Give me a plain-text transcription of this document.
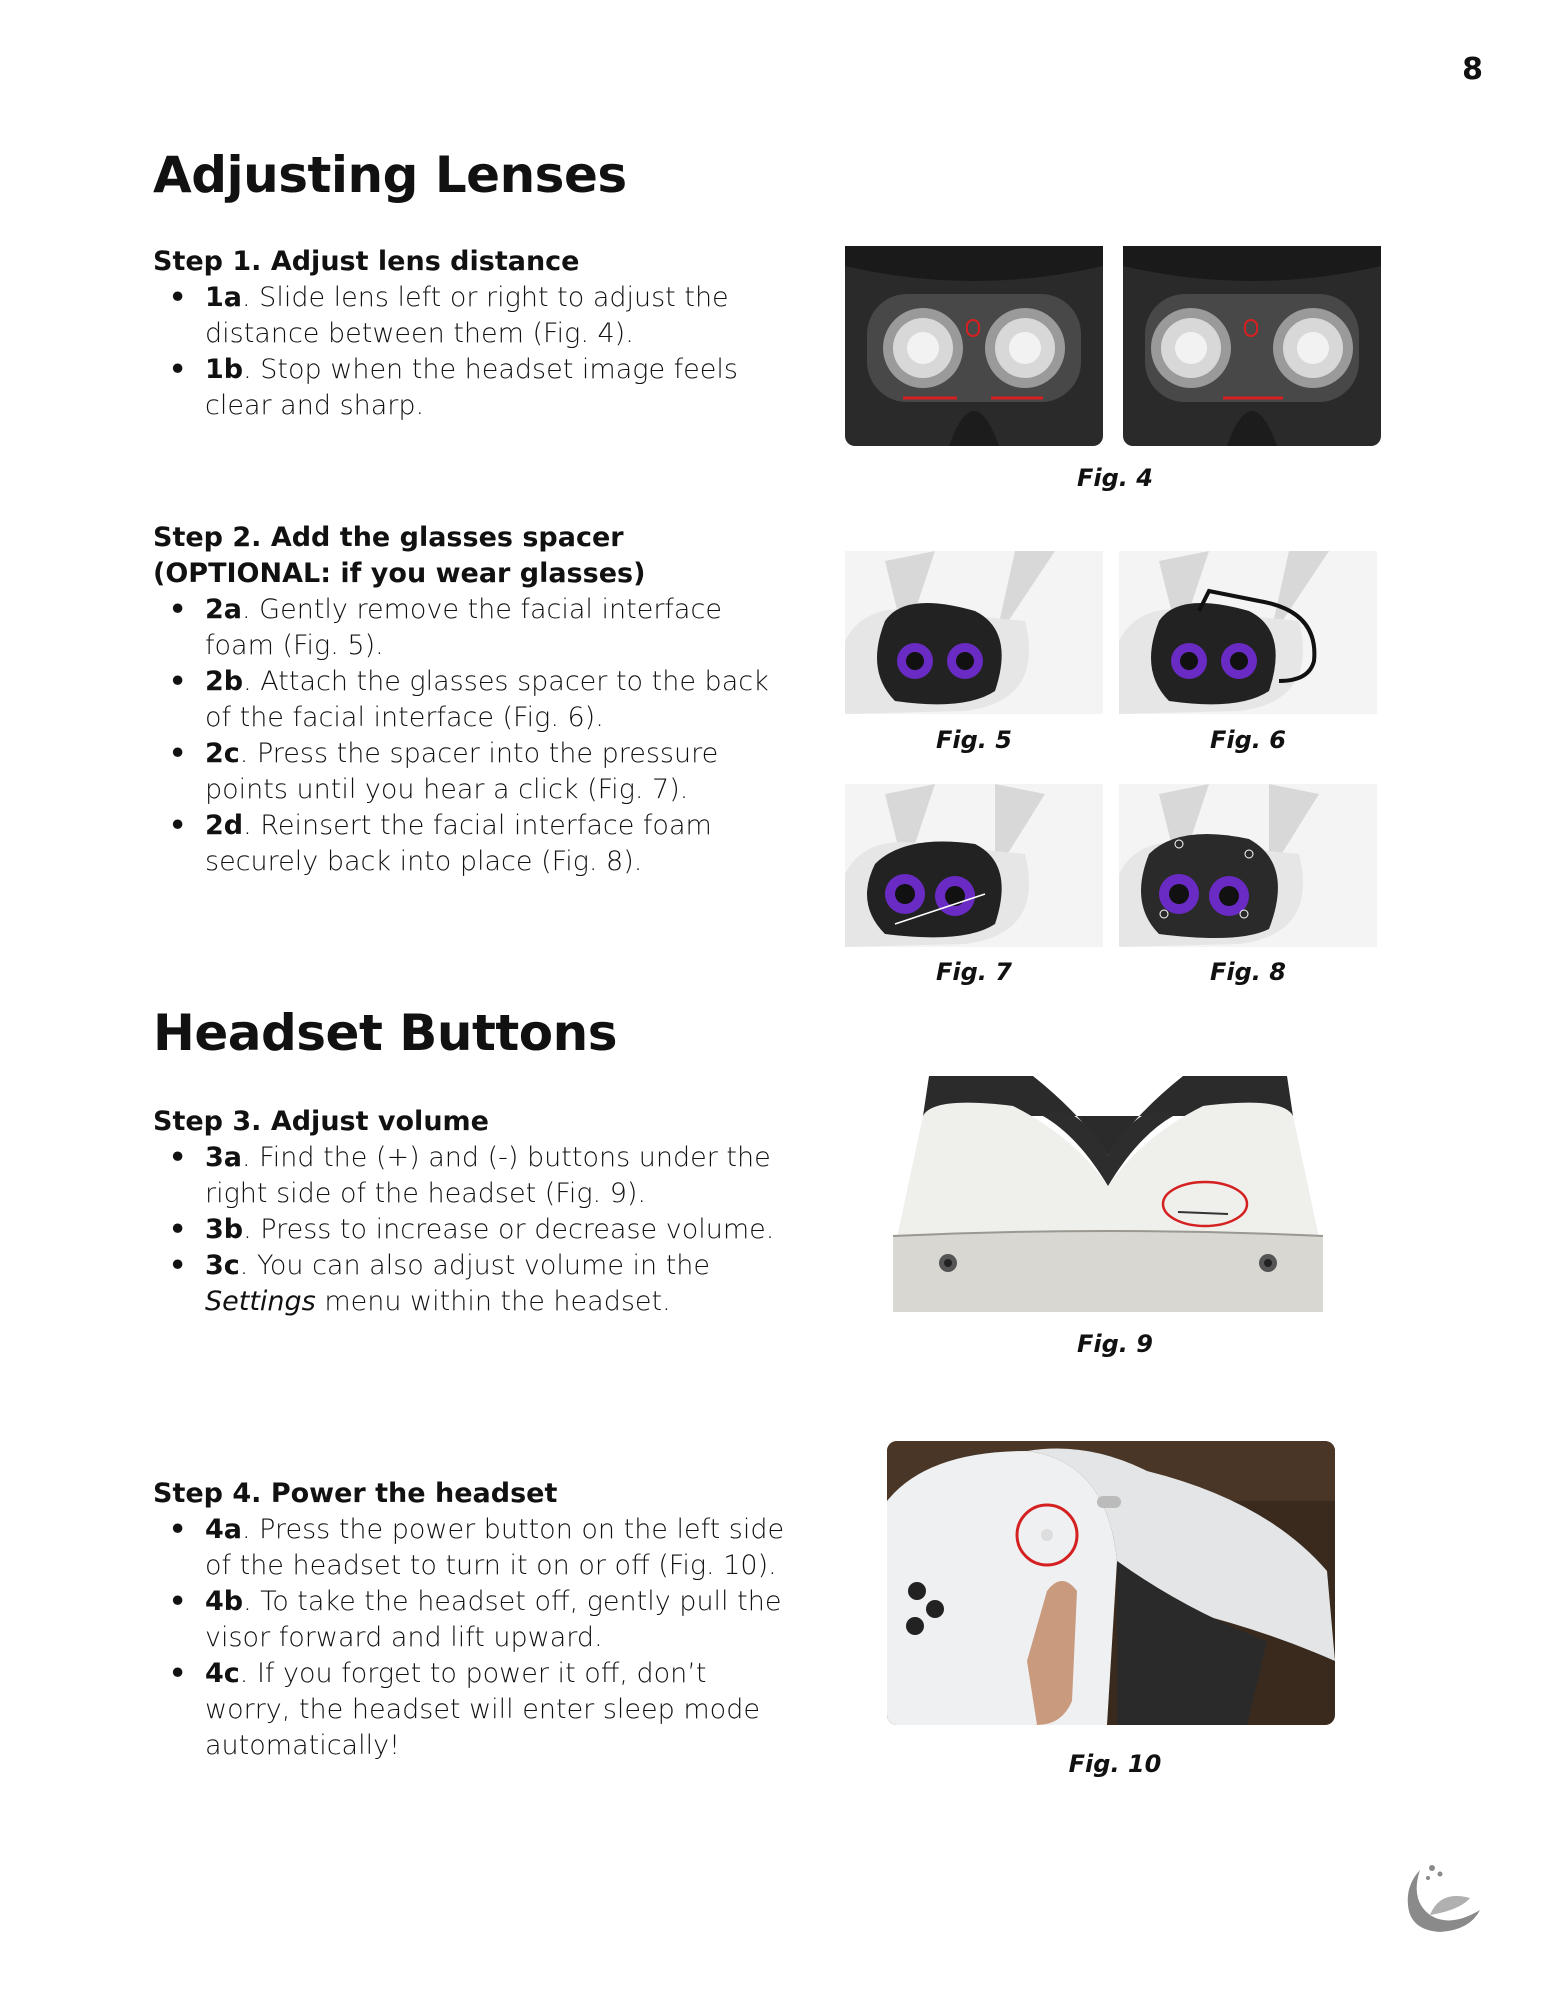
8
Adjusting Lenses
Step 1. Adjust lens distance
• 1a. Slide lens left or right to adjust the distance between them (Fig. 4).
• 1b. Stop when the headset image feels clear and sharp.
Step 2. Add the glasses spacer
(OPTIONAL: if you wear glasses)
• 2a. Gently remove the facial interface foam (Fig. 5).
• 2b. Attach the glasses spacer to the back of the facial interface (Fig. 6).
• 2c. Press the spacer into the pressure points until you hear a click (Fig. 7).
• 2d. Reinsert the facial interface foam securely back into place (Fig. 8).
Fig. 4
Fig. 5	Fig. 6
Fig. 7	Fig. 8
Headset Buttons
Step 3. Adjust volume
• 3a. Find the (+) and (-) buttons under the right side of the headset (Fig. 9).
• 3b. Press to increase or decrease volume.
• 3c. You can also adjust volume in the Settings menu within the headset.
Fig. 9
Step 4. Power the headset
• 4a. Press the power button on the left side of the headset to turn it on or off (Fig. 10).
• 4b. To take the headset off, gently pull the visor forward and lift upward.
• 4c. If you forget to power it off, don’t worry, the headset will enter sleep mode automatically!
Fig. 10
